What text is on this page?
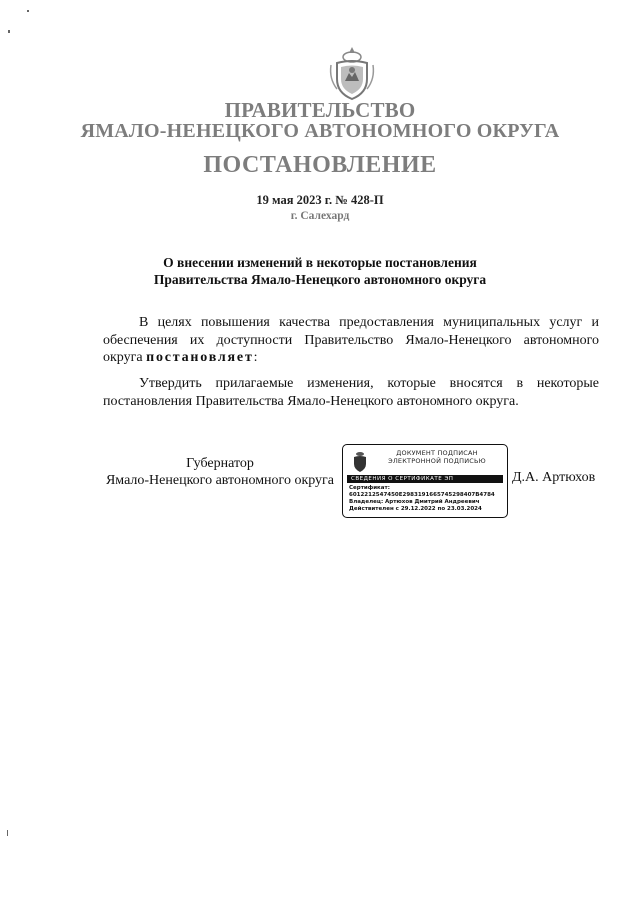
ПРАВИТЕЛЬСТВО
ЯМАЛО-НЕНЕЦКОГО АВТОНОМНОГО ОКРУГА
ПОСТАНОВЛЕНИЕ
19 мая 2023 г. № 428-П
г. Салехард
О внесении изменений в некоторые постановления
Правительства Ямало-Ненецкого автономного округа
В целях повышения качества предоставления муниципальных услуг и обеспечения их доступности Правительство Ямало-Ненецкого автономного округа постановляет:
Утвердить прилагаемые изменения, которые вносятся в некоторые постановления Правительства Ямало-Ненецкого автономного округа.
Губернатор
Ямало-Ненецкого автономного округа
ДОКУМЕНТ ПОДПИСАН
ЭЛЕКТРОННОЙ ПОДПИСЬЮ
СВЕДЕНИЯ О СЕРТИФИКАТЕ ЭП
Сертификат:
6012212547450E2983191665745298407B4784
Владелец: Артюхов Дмитрий Андреевич
Действителен с 29.12.2022 по 23.03.2024
Д.А. Артюхов
